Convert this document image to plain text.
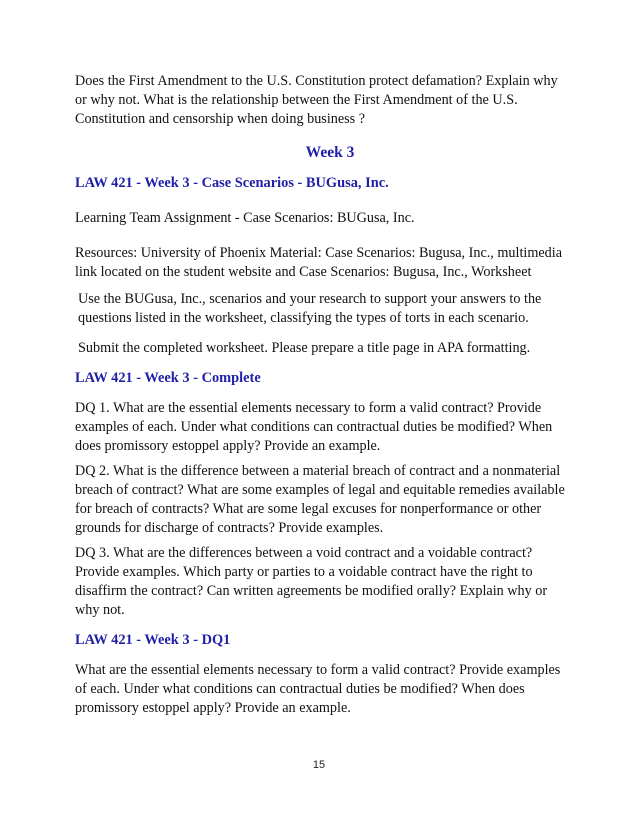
Does the First Amendment to the U.S. Constitution protect defamation? Explain why or why not. What is the relationship between the First Amendment of the U.S. Constitution and censorship when doing business ?

Week 3
LAW 421 - Week 3 - Case Scenarios - BUGusa, Inc.

Learning Team Assignment - Case Scenarios: BUGusa, Inc.

Resources: University of Phoenix Material: Case Scenarios: Bugusa, Inc., multimedia link located on the student website and Case Scenarios: Bugusa, Inc., Worksheet

Use the BUGusa, Inc., scenarios and your research to support your answers to the questions listed in the worksheet, classifying the types of torts in each scenario.

Submit the completed worksheet. Please prepare a title page in APA formatting.

LAW 421 - Week 3 - Complete

DQ 1. What are the essential elements necessary to form a valid contract? Provide examples of each. Under what conditions can contractual duties be modified? When does promissory estoppel apply? Provide an example.

DQ 2. What is the difference between a material breach of contract and a nonmaterial breach of contract? What are some examples of legal and equitable remedies available for breach of contracts? What are some legal excuses for nonperformance or other grounds for discharge of contracts? Provide examples.

DQ 3. What are the differences between a void contract and a voidable contract? Provide examples. Which party or parties to a voidable contract have the right to disaffirm the contract? Can written agreements be modified orally? Explain why or why not.

LAW 421 - Week 3 - DQ1

What are the essential elements necessary to form a valid contract? Provide examples of each. Under what conditions can contractual duties be modified? When does promissory estoppel apply? Provide an example.

15
